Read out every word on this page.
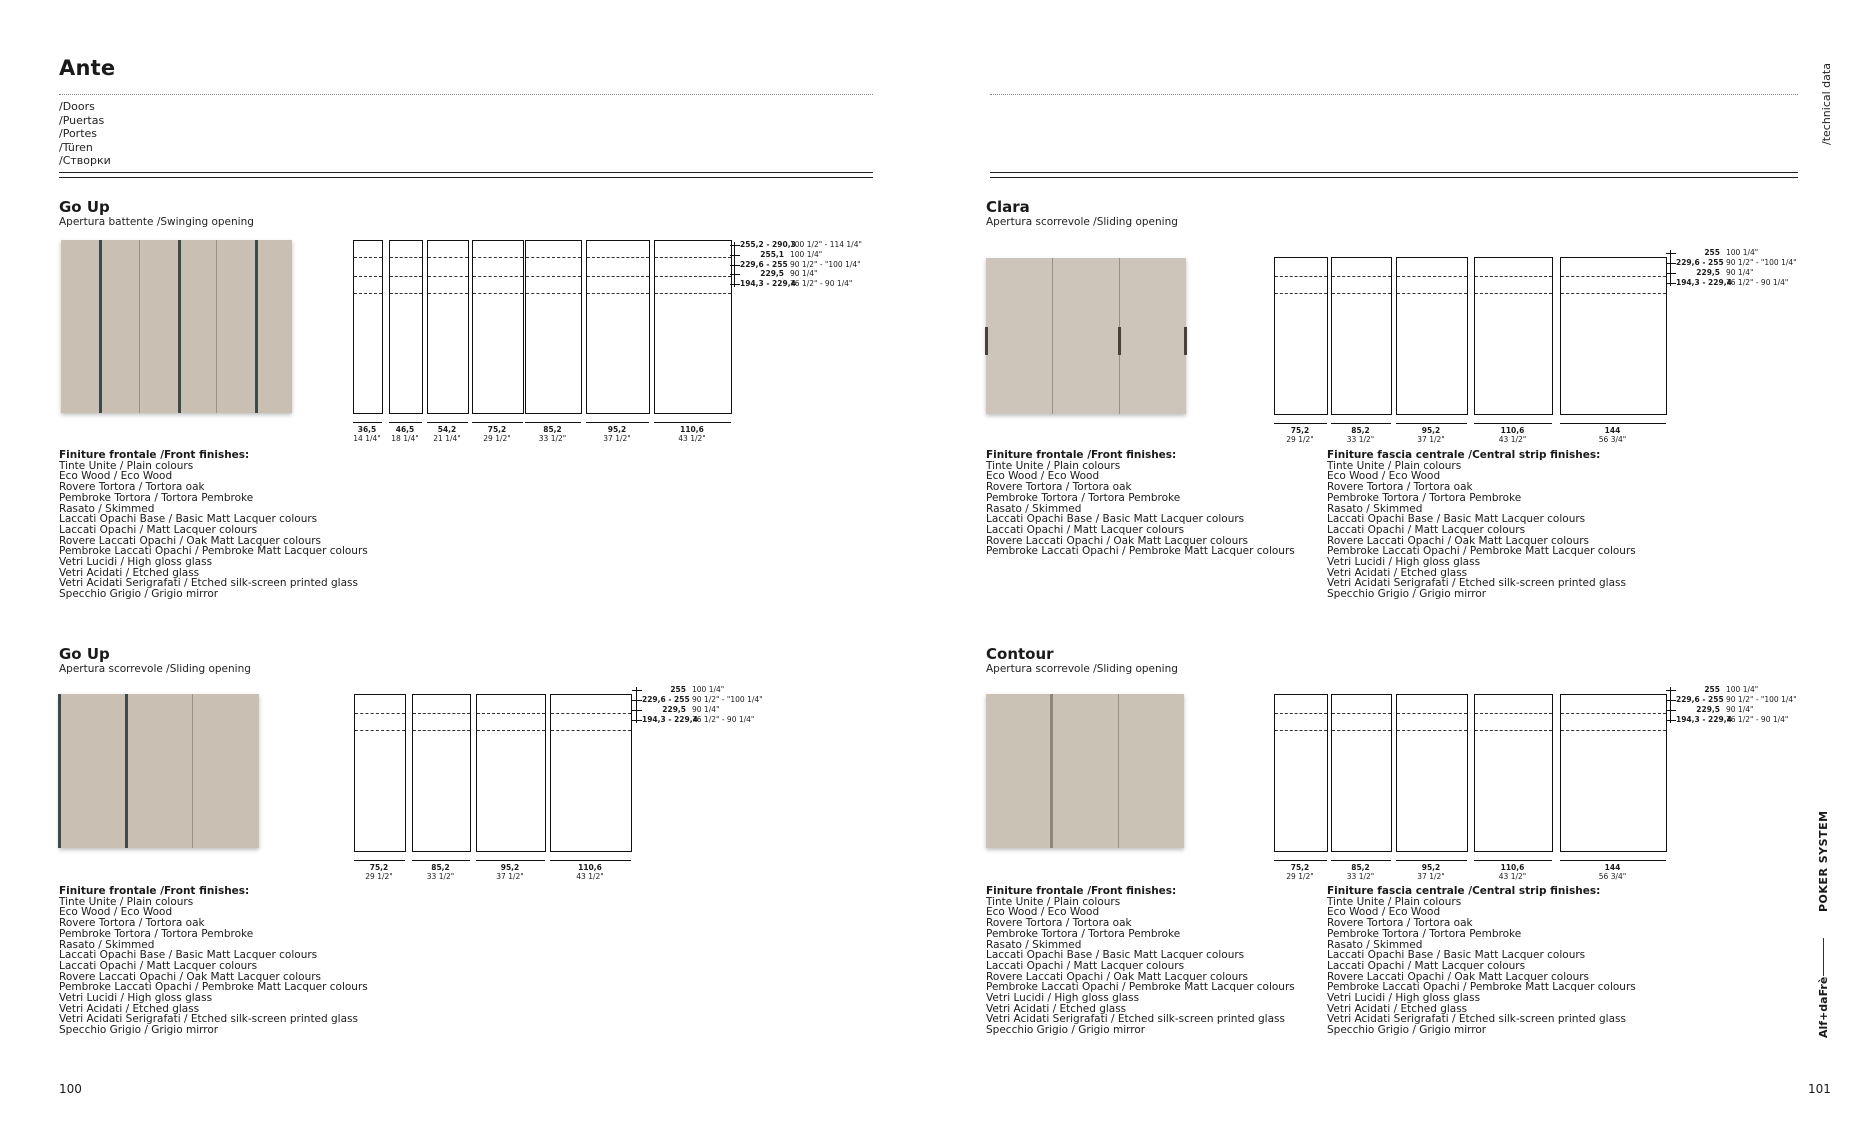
Ante
/Doors
/Puertas
/Portes
/Türen
/Створки
/technical data
Go Up
Apertura battente /Swinging opening
36,5
14 1/4"
46,5
18 1/4"
54,2
21 1/4"
75,2
29 1/2"
85,2
33 1/2"
95,2
37 1/2"
110,6
43 1/2"
255,2 - 290,3100 1/2" - 114 1/4"
255,1 100 1/4"
229,6 - 255 90 1/2" - "100 1/4"
229,5 90 1/4"
194,3 - 229,476 1/2" - 90 1/4"
Finiture frontale /Front finishes:
Tinte Unite / Plain colours
Eco Wood / Eco Wood
Rovere Tortora / Tortora oak
Pembroke Tortora / Tortora Pembroke
Rasato / Skimmed
Laccati Opachi Base / Basic Matt Lacquer colours
Laccati Opachi / Matt Lacquer colours
Rovere Laccati Opachi / Oak Matt Lacquer colours
Pembroke Laccati Opachi / Pembroke Matt Lacquer colours
Vetri Lucidi / High gloss glass
Vetri Acidati / Etched glass
Vetri Acidati Serigrafati / Etched silk-screen printed glass
Specchio Grigio / Grigio mirror
Clara
Apertura scorrevole /Sliding opening
75,2
29 1/2"
85,2
33 1/2"
95,2
37 1/2"
110,6
43 1/2"
144
56 3/4"
255 100 1/4"
229,6 - 255 90 1/2" - "100 1/4"
229,5 90 1/4"
194,3 - 229,476 1/2" - 90 1/4"
Finiture frontale /Front finishes:
Tinte Unite / Plain colours
Eco Wood / Eco Wood
Rovere Tortora / Tortora oak
Pembroke Tortora / Tortora Pembroke
Rasato / Skimmed
Laccati Opachi Base / Basic Matt Lacquer colours
Laccati Opachi / Matt Lacquer colours
Rovere Laccati Opachi / Oak Matt Lacquer colours
Pembroke Laccati Opachi / Pembroke Matt Lacquer colours
Finiture fascia centrale /Central strip finishes:
Tinte Unite / Plain colours
Eco Wood / Eco Wood
Rovere Tortora / Tortora oak
Pembroke Tortora / Tortora Pembroke
Rasato / Skimmed
Laccati Opachi Base / Basic Matt Lacquer colours
Laccati Opachi / Matt Lacquer colours
Rovere Laccati Opachi / Oak Matt Lacquer colours
Pembroke Laccati Opachi / Pembroke Matt Lacquer colours
Vetri Lucidi / High gloss glass
Vetri Acidati / Etched glass
Vetri Acidati Serigrafati / Etched silk-screen printed glass
Specchio Grigio / Grigio mirror
Go Up
Apertura scorrevole /Sliding opening
75,2
29 1/2"
85,2
33 1/2"
95,2
37 1/2"
110,6
43 1/2"
255 100 1/4"
229,6 - 255 90 1/2" - "100 1/4"
229,5 90 1/4"
194,3 - 229,476 1/2" - 90 1/4"
Finiture frontale /Front finishes:
Tinte Unite / Plain colours
Eco Wood / Eco Wood
Rovere Tortora / Tortora oak
Pembroke Tortora / Tortora Pembroke
Rasato / Skimmed
Laccati Opachi Base / Basic Matt Lacquer colours
Laccati Opachi / Matt Lacquer colours
Rovere Laccati Opachi / Oak Matt Lacquer colours
Pembroke Laccati Opachi / Pembroke Matt Lacquer colours
Vetri Lucidi / High gloss glass
Vetri Acidati / Etched glass
Vetri Acidati Serigrafati / Etched silk-screen printed glass
Specchio Grigio / Grigio mirror
Contour
Apertura scorrevole /Sliding opening
75,2
29 1/2"
85,2
33 1/2"
95,2
37 1/2"
110,6
43 1/2"
144
56 3/4"
255 100 1/4"
229,6 - 255 90 1/2" - "100 1/4"
229,5 90 1/4"
194,3 - 229,476 1/2" - 90 1/4"
Finiture frontale /Front finishes:
Tinte Unite / Plain colours
Eco Wood / Eco Wood
Rovere Tortora / Tortora oak
Pembroke Tortora / Tortora Pembroke
Rasato / Skimmed
Laccati Opachi Base / Basic Matt Lacquer colours
Laccati Opachi / Matt Lacquer colours
Rovere Laccati Opachi / Oak Matt Lacquer colours
Pembroke Laccati Opachi / Pembroke Matt Lacquer colours
Vetri Lucidi / High gloss glass
Vetri Acidati / Etched glass
Vetri Acidati Serigrafati / Etched silk-screen printed glass
Specchio Grigio / Grigio mirror
Finiture fascia centrale /Central strip finishes:
Tinte Unite / Plain colours
Eco Wood / Eco Wood
Rovere Tortora / Tortora oak
Pembroke Tortora / Tortora Pembroke
Rasato / Skimmed
Laccati Opachi Base / Basic Matt Lacquer colours
Laccati Opachi / Matt Lacquer colours
Rovere Laccati Opachi / Oak Matt Lacquer colours
Pembroke Laccati Opachi / Pembroke Matt Lacquer colours
Vetri Lucidi / High gloss glass
Vetri Acidati / Etched glass
Vetri Acidati Serigrafati / Etched silk-screen printed glass
Specchio Grigio / Grigio mirror
100	101
Alf+daFrè
POKER SYSTEM
